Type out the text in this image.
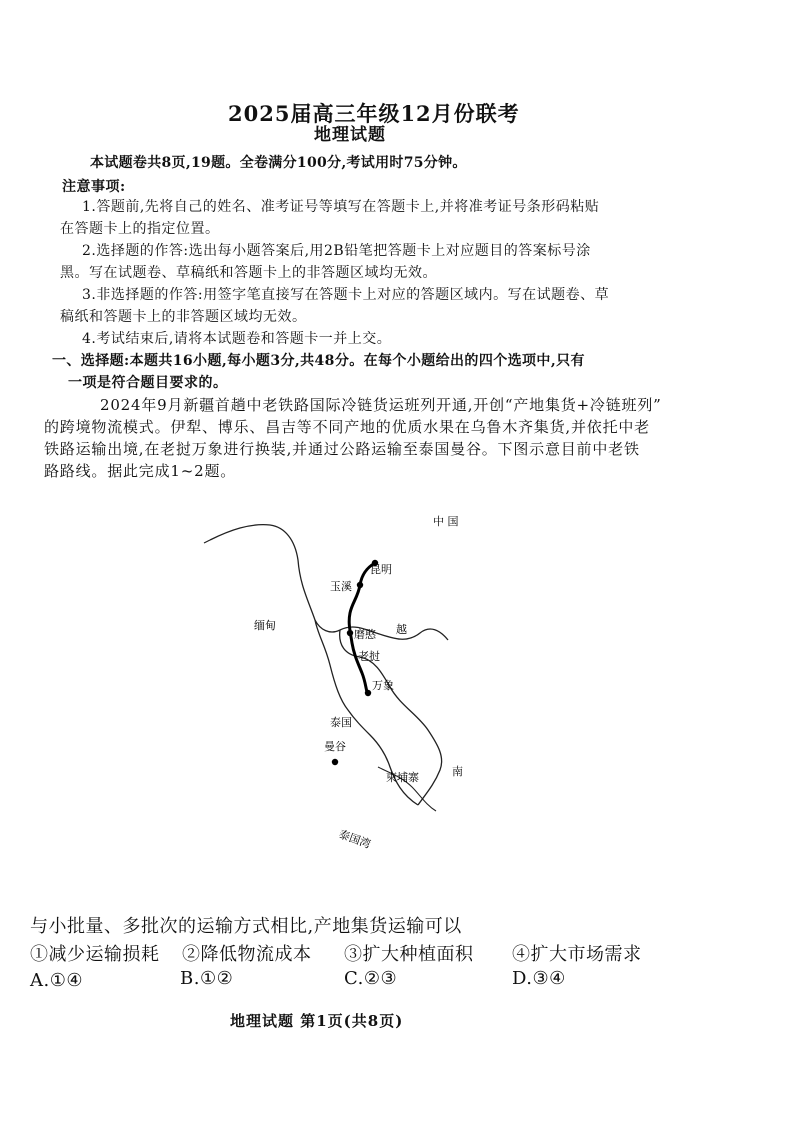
2025届高三年级12月份联考
地理试题
本试题卷共8页,19题。全卷满分100分,考试用时75分钟。
注意事项:
1.答题前,先将自己的姓名、准考证号等填写在答题卡上,并将准考证号条形码粘贴
在答题卡上的指定位置。
2.选择题的作答:选出每小题答案后,用2B铅笔把答题卡上对应题目的答案标号涂
黑。写在试题卷、草稿纸和答题卡上的非答题区域均无效。
3.非选择题的作答:用签字笔直接写在答题卡上对应的答题区域内。写在试题卷、草
稿纸和答题卡上的非答题区域均无效。
4.考试结束后,请将本试题卷和答题卡一并上交。
一、选择题:本题共16小题,每小题3分,共48分。在每个小题给出的四个选项中,只有
一项是符合题目要求的。
2024年9月新疆首趟中老铁路国际冷链货运班列开通,开创“产地集货+冷链班列”
的跨境物流模式。伊犁、博乐、昌吉等不同产地的优质水果在乌鲁木齐集货,并依托中老
铁路运输出境,在老挝万象进行换装,并通过公路运输至泰国曼谷。下图示意目前中老铁
路路线。据此完成1~2题。
中 国
昆明
玉溪
缅甸	越
磨憨
老挝
万象
泰国
曼谷
柬埔寨	南
泰国湾
与小批量、多批次的运输方式相比,产地集货运输可以
①减少运输损耗 ②降低物流成本 ③扩大种植面积 ④扩大市场需求
A.①④	B.①②	C.②③	D.③④
地理试题 第1页(共8页)
